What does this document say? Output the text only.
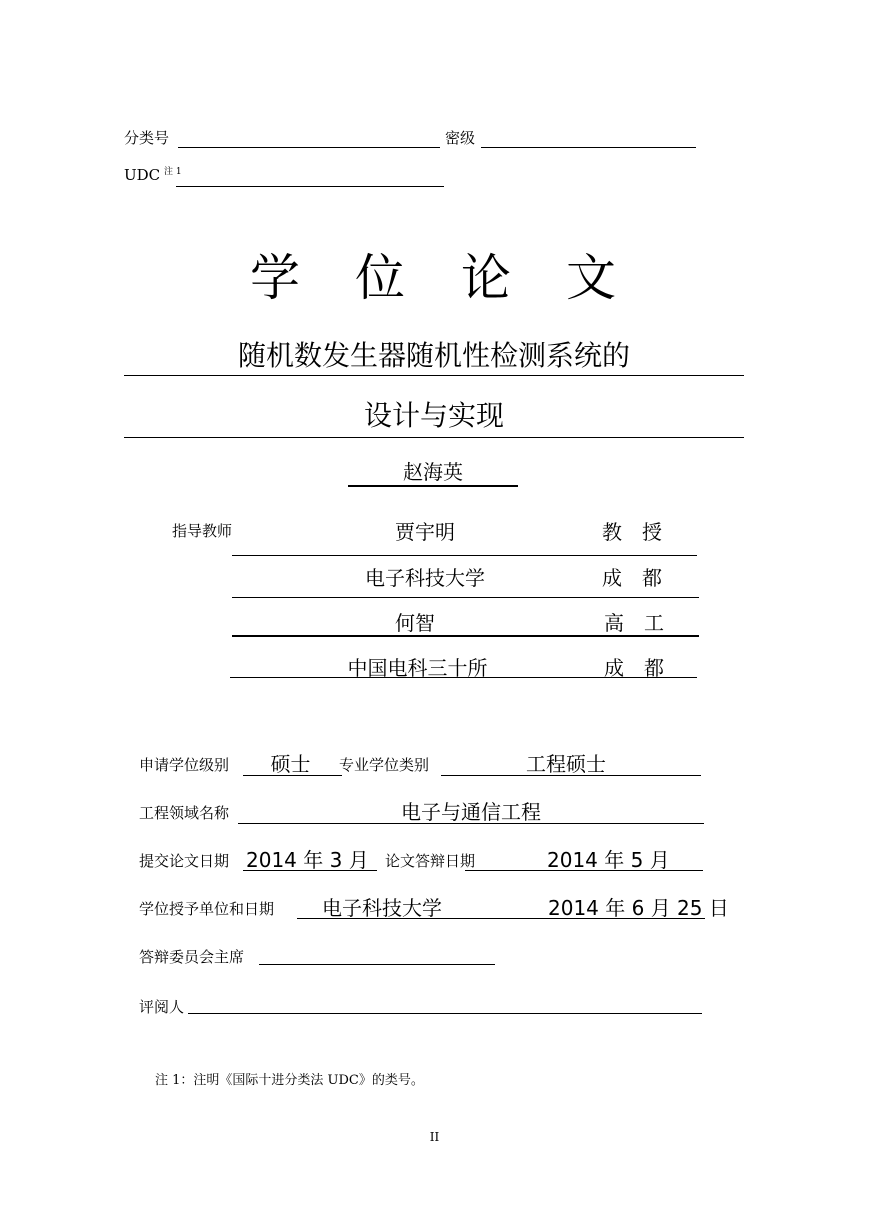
分类号	密级
UDC 注 1
学 位 论 文
随机数发生器随机性检测系统的
设计与实现
赵海英
指导教师	贾宇明	教　授
电子科技大学	成　都
何智	高　工
中国电科三十所	成　都
申请学位级别	硕士	专业学位类别	工程硕士
工程领域名称	电子与通信工程
提交论文日期 2014 年 3 月 论文答辩日期	2014 年 5 月
学位授予单位和日期 电子科技大学	2014 年 6 月 25 日
答辩委员会主席
评阅人
注 1：注明《国际十进分类法 UDC》的类号。
II
